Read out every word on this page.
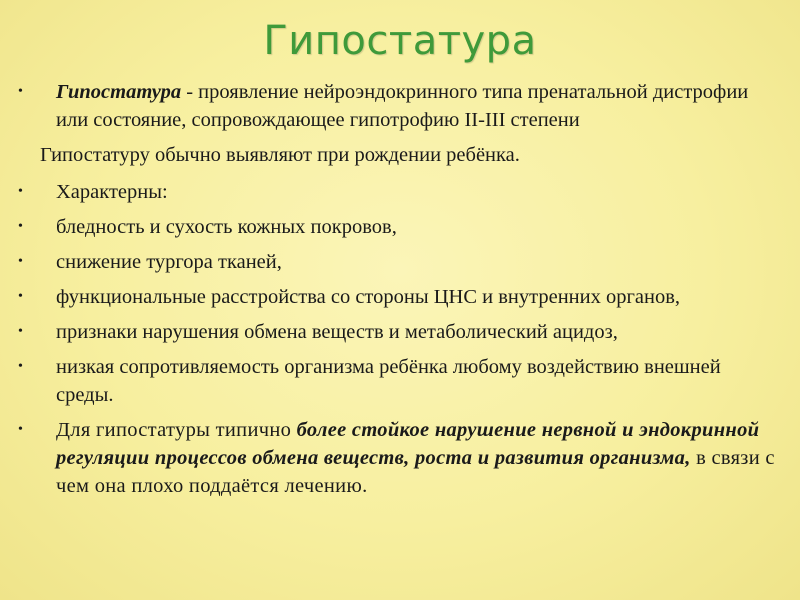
Гипостатура
• Гипостатура - проявление нейроэндокринного типа пренатальной дистрофии или состояние, сопровождающее гипотрофию II-III степени
Гипостатуру обычно выявляют при рождении ребёнка.
• Характерны:
• бледность и сухость кожных покровов,
• снижение тургора тканей,
• функциональные расстройства со стороны ЦНС и внутренних органов,
• признаки нарушения обмена веществ и метаболический ацидоз,
• низкая сопротивляемость организма ребёнка любому воздействию внешней среды.
• Для гипостатуры типично более стойкое нарушение нервной и эндокринной регуляции процессов обмена веществ, роста и развития организма, в связи с чем она плохо поддаётся лечению.
